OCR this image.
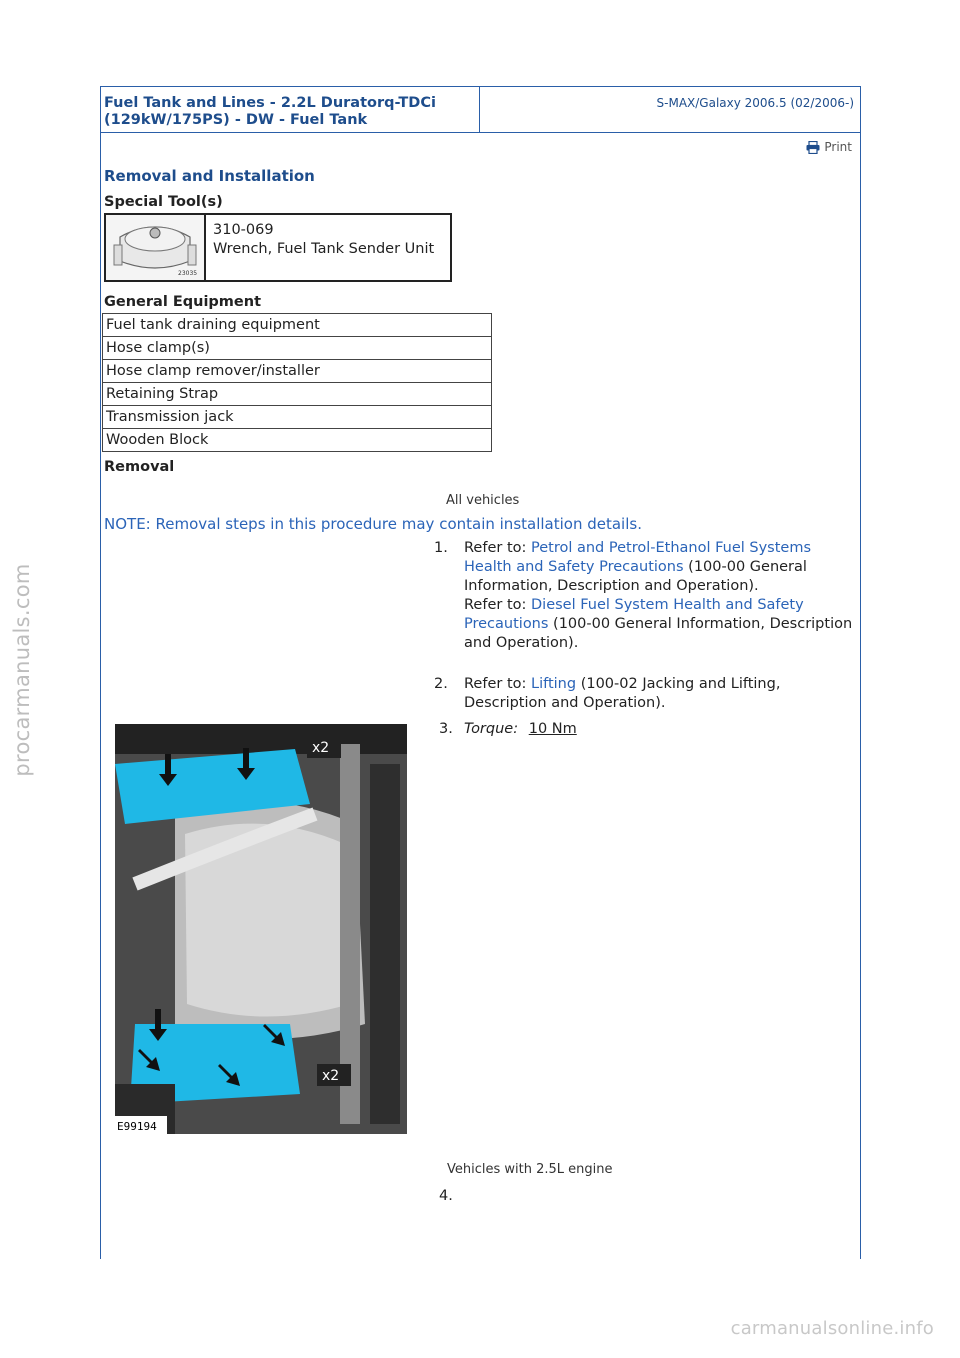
procarmanuals.com
Fuel Tank and Lines - 2.2L Duratorq-TDCi (129kW/175PS) - DW - Fuel Tank
S-MAX/Galaxy 2006.5 (02/2006-)
Print
Removal and Installation
Special Tool(s)
23035
310-069
Wrench, Fuel Tank Sender Unit
General Equipment
Fuel tank draining equipment
Hose clamp(s)
Hose clamp remover/installer
Retaining Strap
Transmission jack
Wooden Block
Removal
All vehicles
NOTE: Removal steps in this procedure may contain installation details.
1. Refer to: Petrol and Petrol-Ethanol Fuel Systems Health and Safety Precautions (100-00 General Information, Description and Operation).
Refer to: Diesel Fuel System Health and Safety Precautions (100-00 General Information, Description and Operation).
2. Refer to: Lifting (100-02 Jacking and Lifting, Description and Operation).
3. Torque: 10 Nm
x2
x2
E99194
Vehicles with 2.5L engine
4.
carmanualsonline.info
